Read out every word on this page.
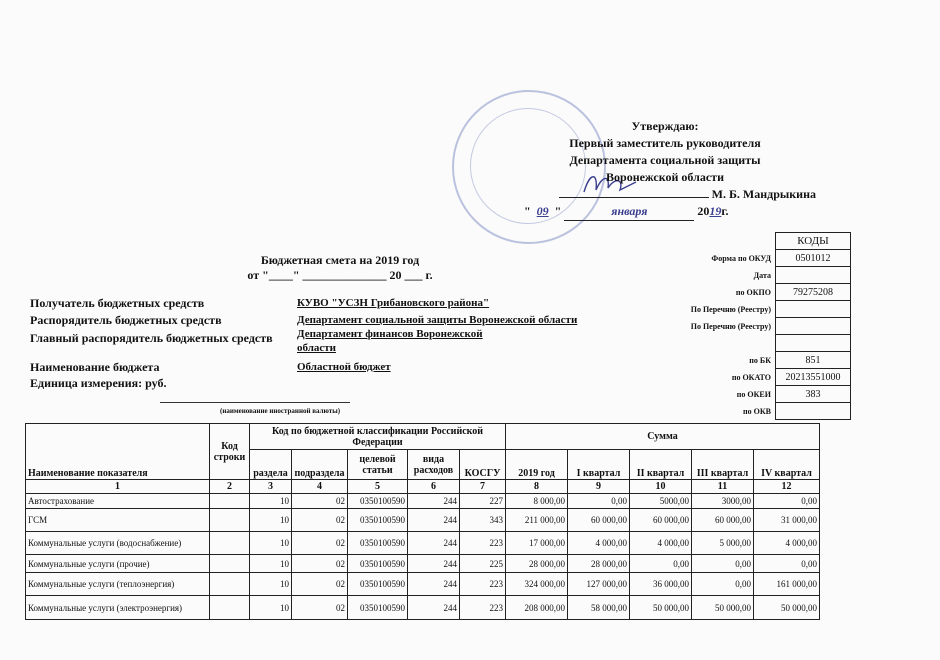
Утверждаю:
Первый заместитель руководителя
Департамента социальной защиты
Воронежской области
М. Б. Мандрыкина
" 09 "	января	2019г.
Бюджетная смета на 2019 год
от "____" ______________ 20 ___ г.
Получатель бюджетных средств	КУВО "УСЗН Грибановского района"
Распорядитель бюджетных средств	Департамент социальной защиты Воронежской области
Главный распорядитель бюджетных средств Департамент финансов Воронежской
области
Наименование бюджета	Областной бюджет
Единица измерения: руб.
(наименование иностранной валюты)
	КОДЫ
Форма по ОКУД	0501012
Дата	
по ОКПО	79275208
По Перечню (Реестру)	
По Перечню (Реестру)	

по БК	851
по ОКАТО	20213551000
по ОКЕИ	383
по ОКВ	
Наименование показателя	Код строки	Код по бюджетной классификации Российской Федерации					Сумма				
		раздела	подраздела	целевой статьи	вида расходов	КОСГУ	2019 год	I квартал	II квартал	III квартал	IV квартал
1	2	3	4	5	6	7	8	9	10	11	12
Автострахование		10	02	0350100590	244	227	8 000,00	0,00	5000,00	3000,00	0,00
ГСМ		10	02	0350100590	244	343	211 000,00	60 000,00	60 000,00	60 000,00	31 000,00
Коммунальные услуги (водоснабжение)		10	02	0350100590	244	223	17 000,00	4 000,00	4 000,00	5 000,00	4 000,00
Коммунальные услуги (прочие)		10	02	0350100590	244	225	28 000,00	28 000,00	0,00	0,00	0,00
Коммунальные услуги (теплоэнергия)		10	02	0350100590	244	223	324 000,00	127 000,00	36 000,00	0,00	161 000,00
Коммунальные услуги (электроэнергия)		10	02	0350100590	244	223	208 000,00	58 000,00	50 000,00	50 000,00	50 000,00
